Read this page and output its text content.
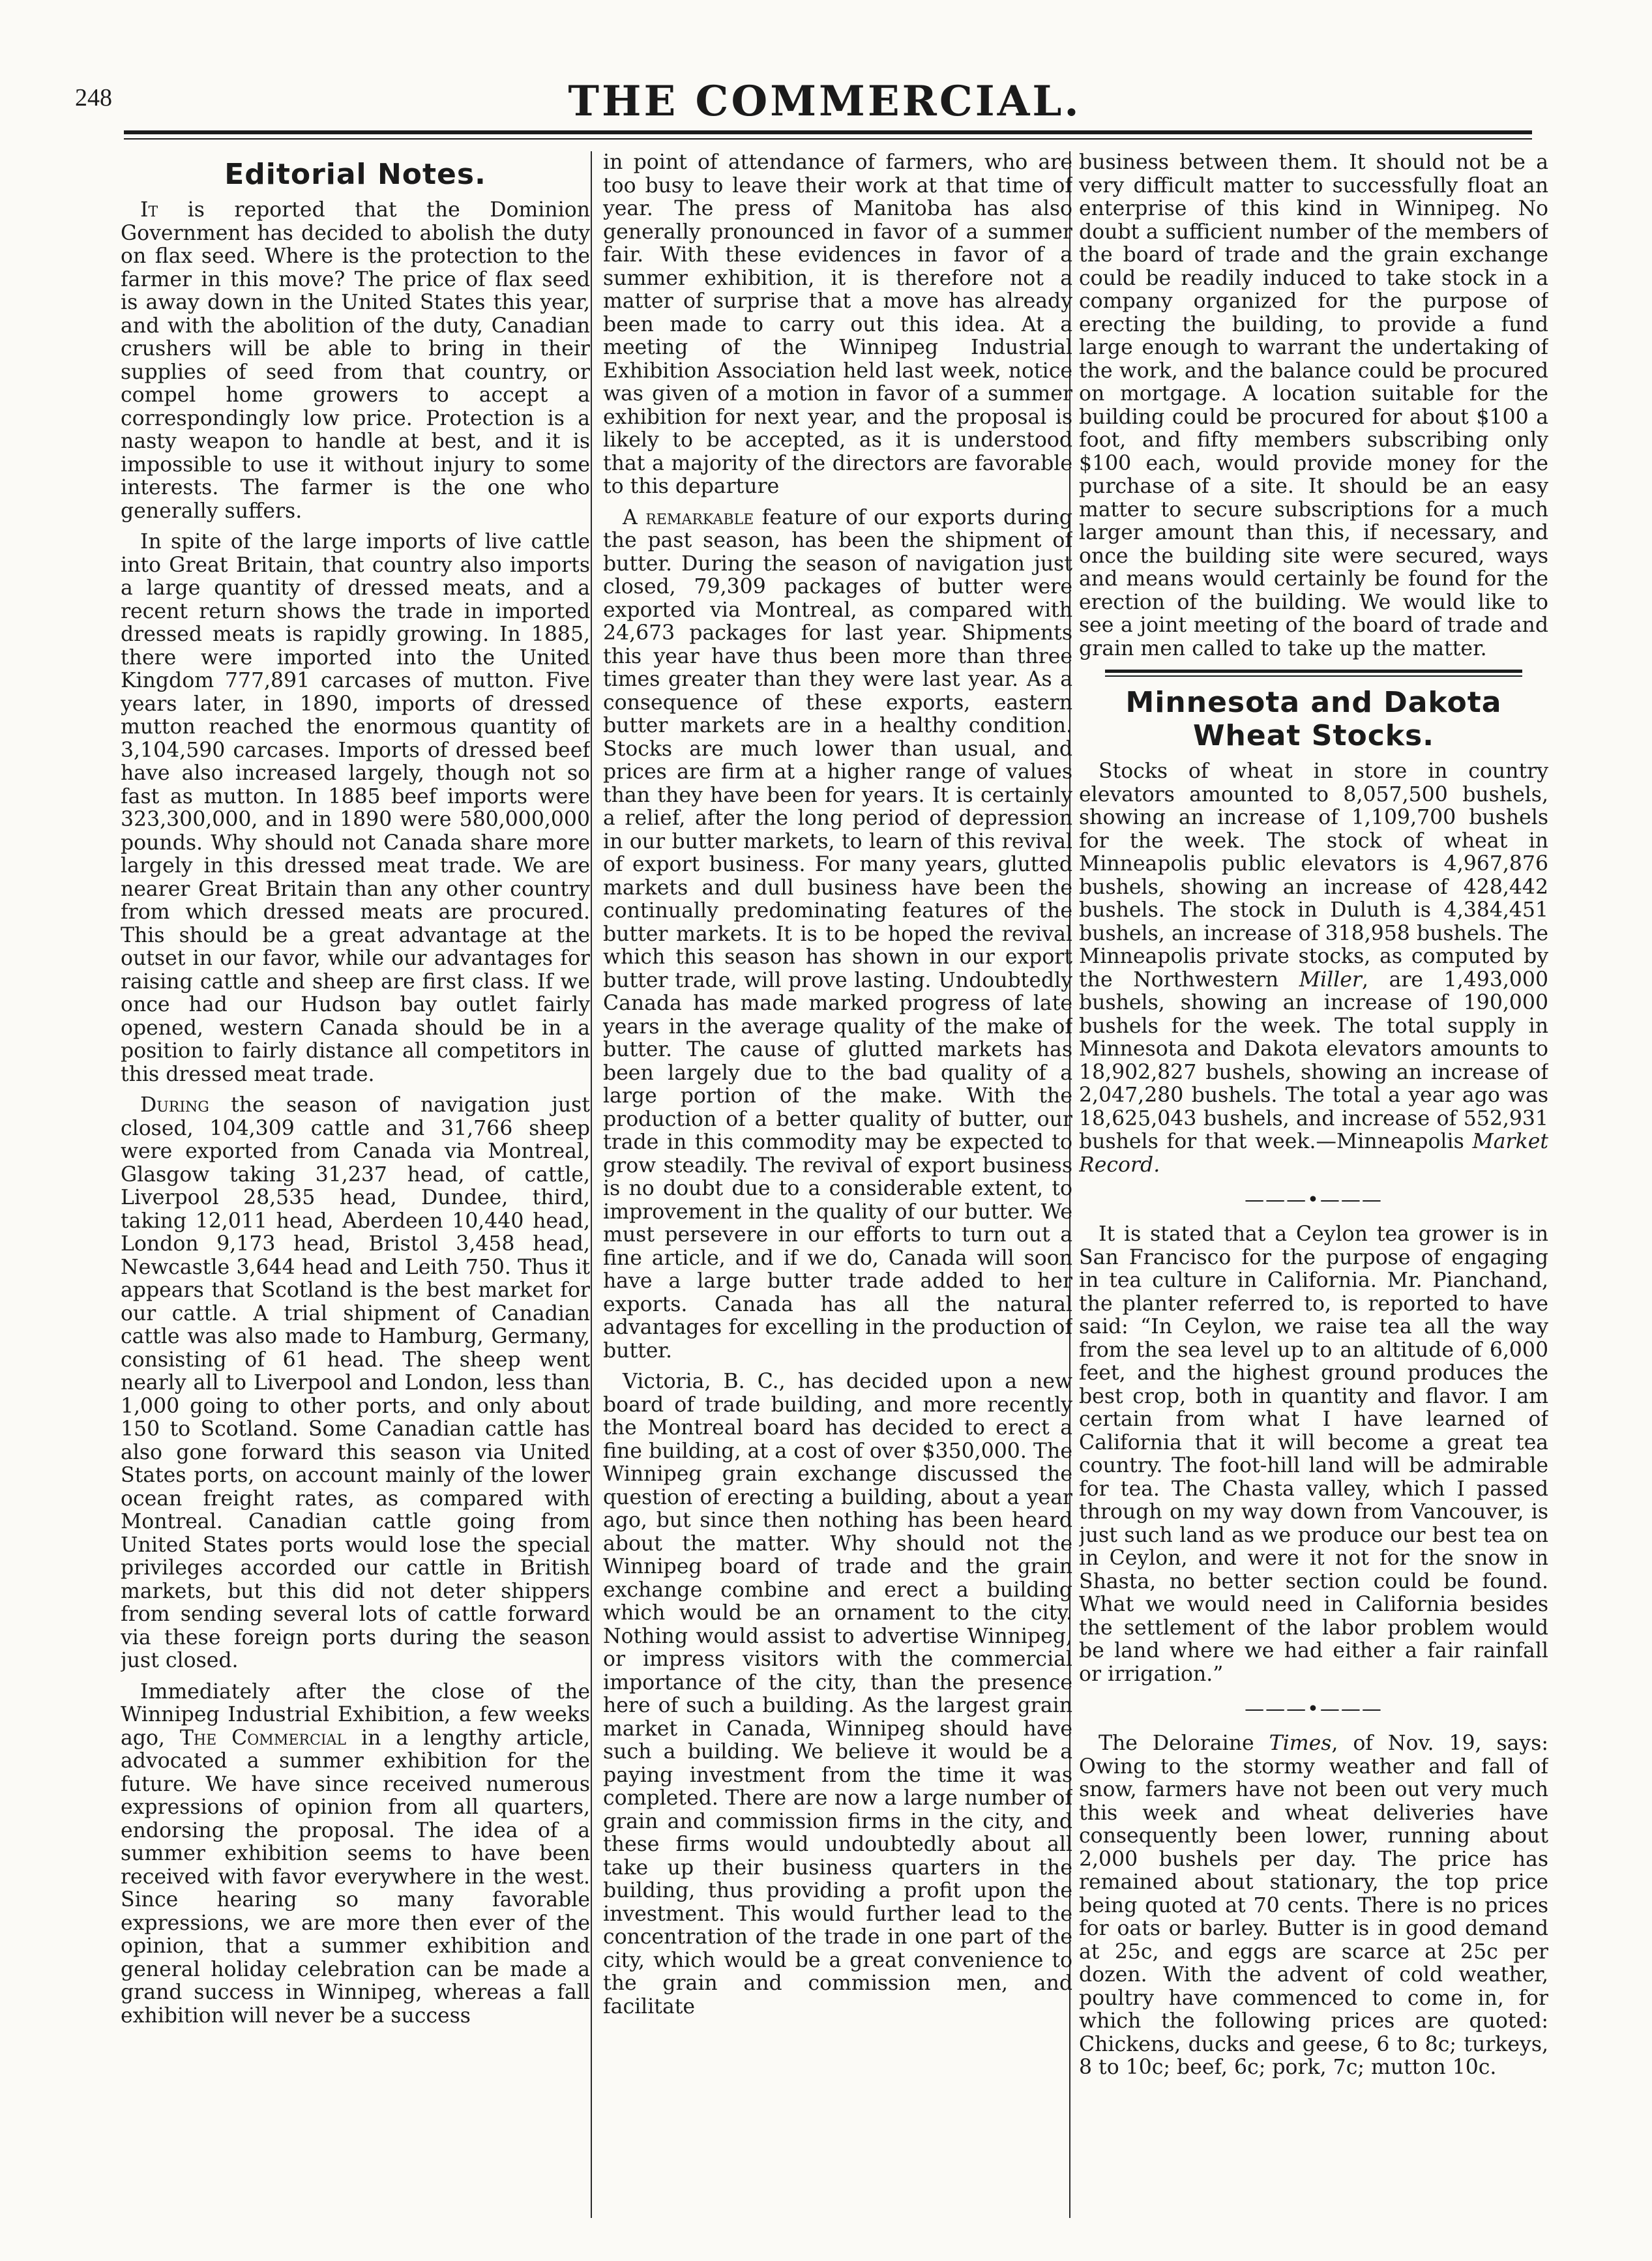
248	THE COMMERCIAL.
Editorial Notes.

It is reported that the Dominion Government has decided to abolish the duty on flax seed. Where is the protection to the farmer in this move? The price of flax seed is away down in the United States this year, and with the abolition of the duty, Canadian crushers will be able to bring in their supplies of seed from that country, or compel home growers to accept a correspondingly low price. Protection is a nasty weapon to handle at best, and it is impossible to use it without injury to some interests. The farmer is the one who generally suffers.

In spite of the large imports of live cattle into Great Britain, that country also imports a large quantity of dressed meats, and a recent return shows the trade in imported dressed meats is rapidly growing. In 1885, there were imported into the United Kingdom 777,891 carcases of mutton. Five years later, in 1890, imports of dressed mutton reached the enormous quantity of 3,104,590 carcases. Imports of dressed beef have also increased largely, though not so fast as mutton. In 1885 beef imports were 323,300,000, and in 1890 were 580,000,000 pounds. Why should not Canada share more largely in this dressed meat trade. We are nearer Great Britain than any other country from which dressed meats are procured. This should be a great advantage at the outset in our favor, while our advantages for raising cattle and sheep are first class. If we once had our Hudson bay outlet fairly opened, western Canada should be in a position to fairly distance all competitors in this dressed meat trade.

During the season of navigation just closed, 104,309 cattle and 31,766 sheep were exported from Canada via Montreal, Glasgow taking 31,237 head, of cattle, Liverpool 28,535 head, Dundee, third, taking 12,011 head, Aberdeen 10,440 head, London 9,173 head, Bristol 3,458 head, Newcastle 3,644 head and Leith 750. Thus it appears that Scotland is the best market for our cattle. A trial shipment of Canadian cattle was also made to Hamburg, Germany, consisting of 61 head. The sheep went nearly all to Liverpool and London, less than 1,000 going to other ports, and only about 150 to Scotland. Some Canadian cattle has also gone forward this season via United States ports, on account mainly of the lower ocean freight rates, as compared with Montreal. Canadian cattle going from United States ports would lose the special privileges accorded our cattle in British markets, but this did not deter shippers from sending several lots of cattle forward via these foreign ports during the season just closed.

Immediately after the close of the Winnipeg Industrial Exhibition, a few weeks ago, The Commercial in a lengthy article, advocated a summer exhibition for the future. We have since received numerous expressions of opinion from all quarters, endorsing the proposal. The idea of a summer exhibition seems to have been received with favor everywhere in the west. Since hearing so many favorable expressions, we are more then ever of the opinion, that a summer exhibition and general holiday celebration can be made a grand success in Winnipeg, whereas a fall exhibition will never be a success

in point of attendance of farmers, who are too busy to leave their work at that time of year. The press of Manitoba has also generally pronounced in favor of a summer fair. With these evidences in favor of a summer exhibition, it is therefore not a matter of surprise that a move has already been made to carry out this idea. At a meeting of the Winnipeg Industrial Exhibition Association held last week, notice was given of a motion in favor of a summer exhibition for next year, and the proposal is likely to be accepted, as it is understood that a majority of the directors are favorable to this departure

A remarkable feature of our exports during the past season, has been the shipment of butter. During the season of navigation just closed, 79,309 packages of butter were exported via Montreal, as compared with 24,673 packages for last year. Shipments this year have thus been more than three times greater than they were last year. As a consequence of these exports, eastern butter markets are in a healthy condition. Stocks are much lower than usual, and prices are firm at a higher range of values than they have been for years. It is certainly a relief, after the long period of depression in our butter markets, to learn of this revival of export business. For many years, glutted markets and dull business have been the continually predominating features of the butter markets. It is to be hoped the revival which this season has shown in our export butter trade, will prove lasting. Undoubtedly Canada has made marked progress of late years in the average quality of the make of butter. The cause of glutted markets has been largely due to the bad quality of a large portion of the make. With the production of a better quality of butter, our trade in this commodity may be expected to grow steadily. The revival of export business is no doubt due to a considerable extent, to improvement in the quality of our butter. We must persevere in our efforts to turn out a fine article, and if we do, Canada will soon have a large butter trade added to her exports. Canada has all the natural advantages for excelling in the production of butter.

Victoria, B. C., has decided upon a new board of trade building, and more recently the Montreal board has decided to erect a fine building, at a cost of over $350,000. The Winnipeg grain exchange discussed the question of erecting a building, about a year ago, but since then nothing has been heard about the matter. Why should not the Winnipeg board of trade and the grain exchange combine and erect a building which would be an ornament to the city. Nothing would assist to advertise Winnipeg, or impress visitors with the commercial importance of the city, than the presence here of such a building. As the largest grain market in Canada, Winnipeg should have such a building. We believe it would be a paying investment from the time it was completed. There are now a large number of grain and commission firms in the city, and these firms would undoubtedly about all take up their business quarters in the building, thus providing a profit upon the investment. This would further lead to the concentration of the trade in one part of the city, which would be a great convenience to the grain and commission men, and facilitate

business between them. It should not be a very difficult matter to successfully float an enterprise of this kind in Winnipeg. No doubt a sufficient number of the members of the board of trade and the grain exchange could be readily induced to take stock in a company organized for the purpose of erecting the building, to provide a fund large enough to warrant the undertaking of the work, and the balance could be procured on mortgage. A location suitable for the building could be procured for about $100 a foot, and fifty members subscribing only $100 each, would provide money for the purchase of a site. It should be an easy matter to secure subscriptions for a much larger amount than this, if necessary, and once the building site were secured, ways and means would certainly be found for the erection of the building. We would like to see a joint meeting of the board of trade and grain men called to take up the matter.

Minnesota and Dakota Wheat Stocks.

Stocks of wheat in store in country elevators amounted to 8,057,500 bushels, showing an increase of 1,109,700 bushels for the week. The stock of wheat in Minneapolis public elevators is 4,967,876 bushels, showing an increase of 428,442 bushels. The stock in Duluth is 4,384,451 bushels, an increase of 318,958 bushels. The Minneapolis private stocks, as computed by the Northwestern Miller, are 1,493,000 bushels, showing an increase of 190,000 bushels for the week. The total supply in Minnesota and Dakota elevators amounts to 18,902,827 bushels, showing an increase of 2,047,280 bushels. The total a year ago was 18,625,043 bushels, and increase of 552,931 bushels for that week.—Minneapolis Market Record.

———•———

It is stated that a Ceylon tea grower is in San Francisco for the purpose of engaging in tea culture in California. Mr. Pianchand, the planter referred to, is reported to have said: “In Ceylon, we raise tea all the way from the sea level up to an altitude of 6,000 feet, and the highest ground produces the best crop, both in quantity and flavor. I am certain from what I have learned of California that it will become a great tea country. The foot-hill land will be admirable for tea. The Chasta valley, which I passed through on my way down from Vancouver, is just such land as we produce our best tea on in Ceylon, and were it not for the snow in Shasta, no better section could be found. What we would need in California besides the settlement of the labor problem would be land where we had either a fair rainfall or irrigation.”

———•———

The Deloraine Times, of Nov. 19, says: Owing to the stormy weather and fall of snow, farmers have not been out very much this week and wheat deliveries have consequently been lower, running about 2,000 bushels per day. The price has remained about stationary, the top price being quoted at 70 cents. There is no prices for oats or barley. Butter is in good demand at 25c, and eggs are scarce at 25c per dozen. With the advent of cold weather, poultry have commenced to come in, for which the following prices are quoted: Chickens, ducks and geese, 6 to 8c; turkeys, 8 to 10c; beef, 6c; pork, 7c; mutton 10c.
